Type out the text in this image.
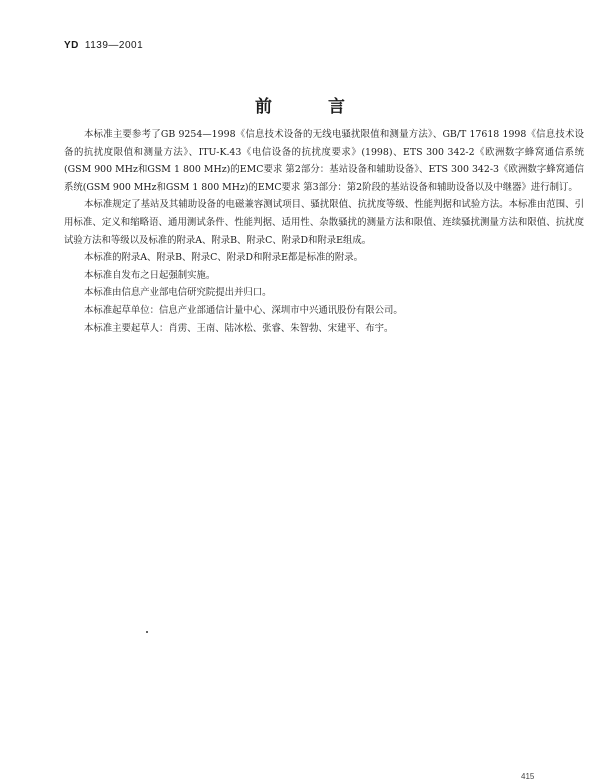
YD 1139—2001
前言

本标准主要参考了GB 9254—1998《信息技术设备的无线电骚扰限值和测量方法》、GB/T 17618 1998《信息技术设备的抗扰度限值和测量方法》、ITU-K.43《电信设备的抗扰度要求》(1998)、ETS 300 342-2《欧洲数字蜂窝通信系统(GSM 900 MHz和GSM 1 800 MHz)的EMC要求 第2部分：基站设备和辅助设备》、ETS 300 342-3《欧洲数字蜂窝通信系统(GSM 900 MHz和GSM 1 800 MHz)的EMC要求 第3部分：第2阶段的基站设备和辅助设备以及中继器》进行制订。

本标准规定了基站及其辅助设备的电磁兼容测试项目、骚扰限值、抗扰度等级、性能判据和试验方法。本标准由范围、引用标准、定义和缩略语、通用测试条件、性能判据、适用性、杂散骚扰的测量方法和限值、连续骚扰测量方法和限值、抗扰度试验方法和等级以及标准的附录A、附录B、附录C、附录D和附录E组成。

本标准的附录A、附录B、附录C、附录D和附录E都是标准的附录。

本标准自发布之日起强制实施。

本标准由信息产业部电信研究院提出并归口。

本标准起草单位：信息产业部通信计量中心、深圳市中兴通讯股份有限公司。

本标准主要起草人：肖雳、王南、陆冰松、张睿、朱智勃、宋建平、布宇。

415
